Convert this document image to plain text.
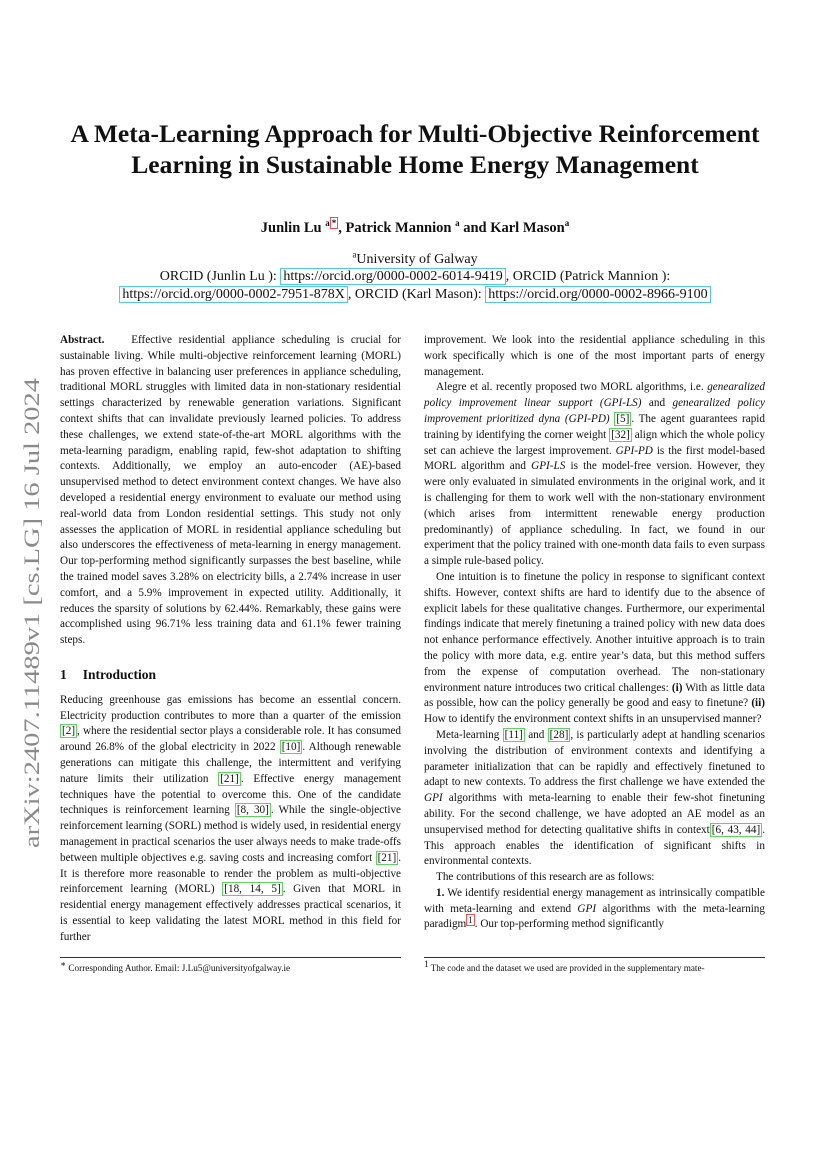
arXiv:2407.11489v1 [cs.LG] 16 Jul 2024
A Meta-Learning Approach for Multi-Objective Reinforcement Learning in Sustainable Home Energy Management
Junlin Lu $^a$ * , Patrick Mannion $^a$ and Karl Mason$^a$
$^a$University of Galway
ORCID (Junlin Lu ): https://orcid.org/0000-0002-6014-9419 , ORCID (Patrick Mannion ):
https://orcid.org/0000-0002-7951-878X , ORCID (Karl Mason): https://orcid.org/0000-0002-8966-9100

Abstract. Effective residential appliance scheduling is crucial for sustainable living. While multi-objective reinforcement learning (MORL) has proven effective in balancing user preferences in appliance scheduling, traditional MORL struggles with limited data in non-stationary residential settings characterized by renewable generation variations. Significant context shifts that can invalidate previously learned policies. To address these challenges, we extend state-of-the-art MORL algorithms with the meta-learning paradigm, enabling rapid, few-shot adaptation to shifting contexts. Additionally, we employ an auto-encoder (AE)-based unsupervised method to detect environment context changes. We have also developed a residential energy environment to evaluate our method using real-world data from London residential settings. This study not only assesses the application of MORL in residential appliance scheduling but also underscores the effectiveness of meta-learning in energy management. Our top-performing method significantly surpasses the best baseline, while the trained model saves 3.28% on electricity bills, a 2.74% increase in user comfort, and a 5.9% improvement in expected utility. Additionally, it reduces the sparsity of solutions by 62.44%. Remarkably, these gains were accomplished using 96.71% less training data and 61.1% fewer training steps.

1 Introduction

Reducing greenhouse gas emissions has become an essential concern. Electricity production contributes to more than a quarter of the emission [2] , where the residential sector plays a considerable role. It has consumed around 26.8% of the global electricity in 2022 [10] . Although renewable generations can mitigate this challenge, the intermittent and verifying nature limits their utilization [21] . Effective energy management techniques have the potential to overcome this. One of the candidate techniques is reinforcement learning [8, 30] . While the single-objective reinforcement learning (SORL) method is widely used, in residential energy management in practical scenarios the user always needs to make trade-offs between multiple objectives e.g. saving costs and increasing comfort [21] . It is therefore more reasonable to render the problem as multi-objective reinforcement learning (MORL) [18, 14, 5] . Given that MORL in residential energy management effectively addresses practical scenarios, it is essential to keep validating the latest MORL method in this field for further

improvement. We look into the residential appliance scheduling in this work specifically which is one of the most important parts of energy management.

Alegre et al. recently proposed two MORL algorithms, i.e. genearalized policy improvement linear support (GPI-LS) and genearalized policy improvement prioritized dyna (GPI-PD) [5] . The agent guarantees rapid training by identifying the corner weight [32] align which the whole policy set can achieve the largest improvement. GPI-PD is the first model-based MORL algorithm and GPI-LS is the model-free version. However, they were only evaluated in simulated environments in the original work, and it is challenging for them to work well with the non-stationary environment (which arises from intermittent renewable energy production predominantly) of appliance scheduling. In fact, we found in our experiment that the policy trained with one-month data fails to even surpass a simple rule-based policy.

One intuition is to finetune the policy in response to significant context shifts. However, context shifts are hard to identify due to the absence of explicit labels for these qualitative changes. Furthermore, our experimental findings indicate that merely finetuning a trained policy with new data does not enhance performance effectively. Another intuitive approach is to train the policy with more data, e.g. entire year’s data, but this method suffers from the expense of computation overhead. The non-stationary environment nature introduces two critical challenges: (i) With as little data as possible, how can the policy generally be good and easy to finetune? (ii) How to identify the environment context shifts in an unsupervised manner?

Meta-learning [11] and [28] , is particularly adept at handling scenarios involving the distribution of environment contexts and identifying a parameter initialization that can be rapidly and effectively finetuned to adapt to new contexts. To address the first challenge we have extended the GPI algorithms with meta-learning to enable their few-shot finetuning ability. For the second challenge, we have adopted an AE model as an unsupervised method for detecting qualitative shifts in context [6, 43, 44] . This approach enables the identification of significant shifts in environmental contexts.

The contributions of this research are as follows:

1. We identify residential energy management as intrinsically compatible with meta-learning and extend GPI algorithms with the meta-learning paradigm $^1$ . Our top-performing method significantly

∗ Corresponding Author. Email: J.Lu5@universityofgalway.ie	$^1$ The code and the dataset we used are provided in the supplementary mate-
